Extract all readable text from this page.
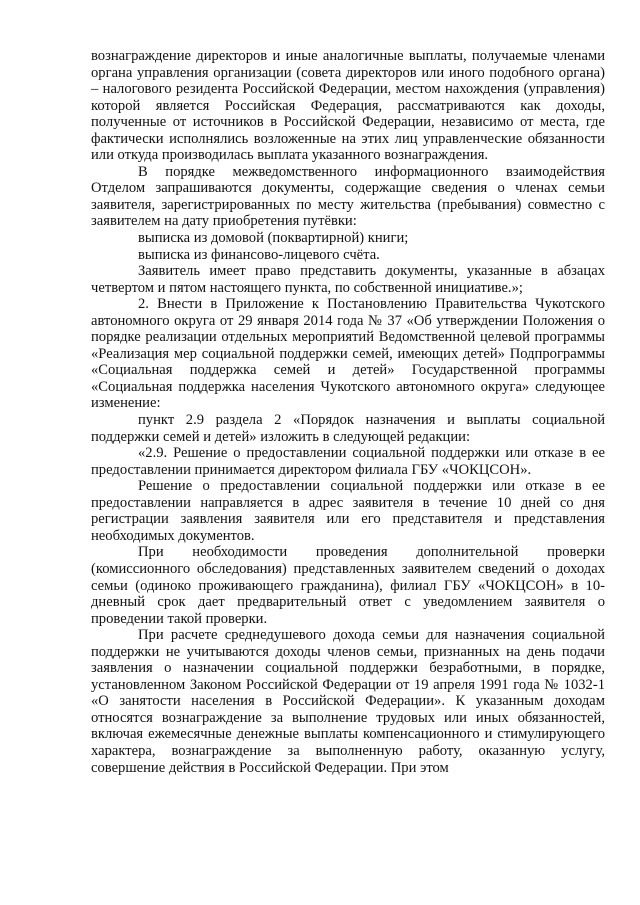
вознаграждение директоров и иные аналогичные выплаты, получаемые членами органа управления организации (совета директоров или иного подобного органа) – налогового резидента Российской Федерации, местом нахождения (управления) которой является Российская Федерация, рассматриваются как доходы, полученные от источников в Российской Федерации, независимо от места, где фактически исполнялись возложенные на этих лиц управленческие обязанности или откуда производилась выплата указанного вознаграждения.

В порядке межведомственного информационного взаимодействия Отделом запрашиваются документы, содержащие сведения о членах семьи заявителя, зарегистрированных по месту жительства (пребывания) совместно с заявителем на дату приобретения путёвки:

выписка из домовой (поквартирной) книги;

выписка из финансово-лицевого счёта.

Заявитель имеет право представить документы, указанные в абзацах четвертом и пятом настоящего пункта, по собственной инициативе.»;

2. Внести в Приложение к Постановлению Правительства Чукотского автономного округа от 29 января 2014 года № 37 «Об утверждении Положения о порядке реализации отдельных мероприятий Ведомственной целевой программы «Реализация мер социальной поддержки семей, имеющих детей» Подпрограммы «Социальная поддержка семей и детей» Государственной программы «Социальная поддержка населения Чукотского автономного округа» следующее изменение:

пункт 2.9 раздела 2 «Порядок назначения и выплаты социальной поддержки семей и детей» изложить в следующей редакции:

«2.9. Решение о предоставлении социальной поддержки или отказе в ее предоставлении принимается директором филиала ГБУ «ЧОКЦСОН».

Решение о предоставлении социальной поддержки или отказе в ее предоставлении направляется в адрес заявителя в течение 10 дней со дня регистрации заявления заявителя или его представителя и представления необходимых документов.

При необходимости проведения дополнительной проверки (комиссионного обследования) представленных заявителем сведений о доходах семьи (одиноко проживающего гражданина), филиал ГБУ «ЧОКЦСОН» в 10-дневный срок дает предварительный ответ с уведомлением заявителя о проведении такой проверки.

При расчете среднедушевого дохода семьи для назначения социальной поддержки не учитываются доходы членов семьи, признанных на день подачи заявления о назначении социальной поддержки безработными, в порядке, установленном Законом Российской Федерации от 19 апреля 1991 года № 1032-1 «О занятости населения в Российской Федерации». К указанным доходам относятся вознаграждение за выполнение трудовых или иных обязанностей, включая ежемесячные денежные выплаты компенсационного и стимулирующего характера, вознаграждение за выполненную работу, оказанную услугу, совершение действия в Российской Федерации. При этом
